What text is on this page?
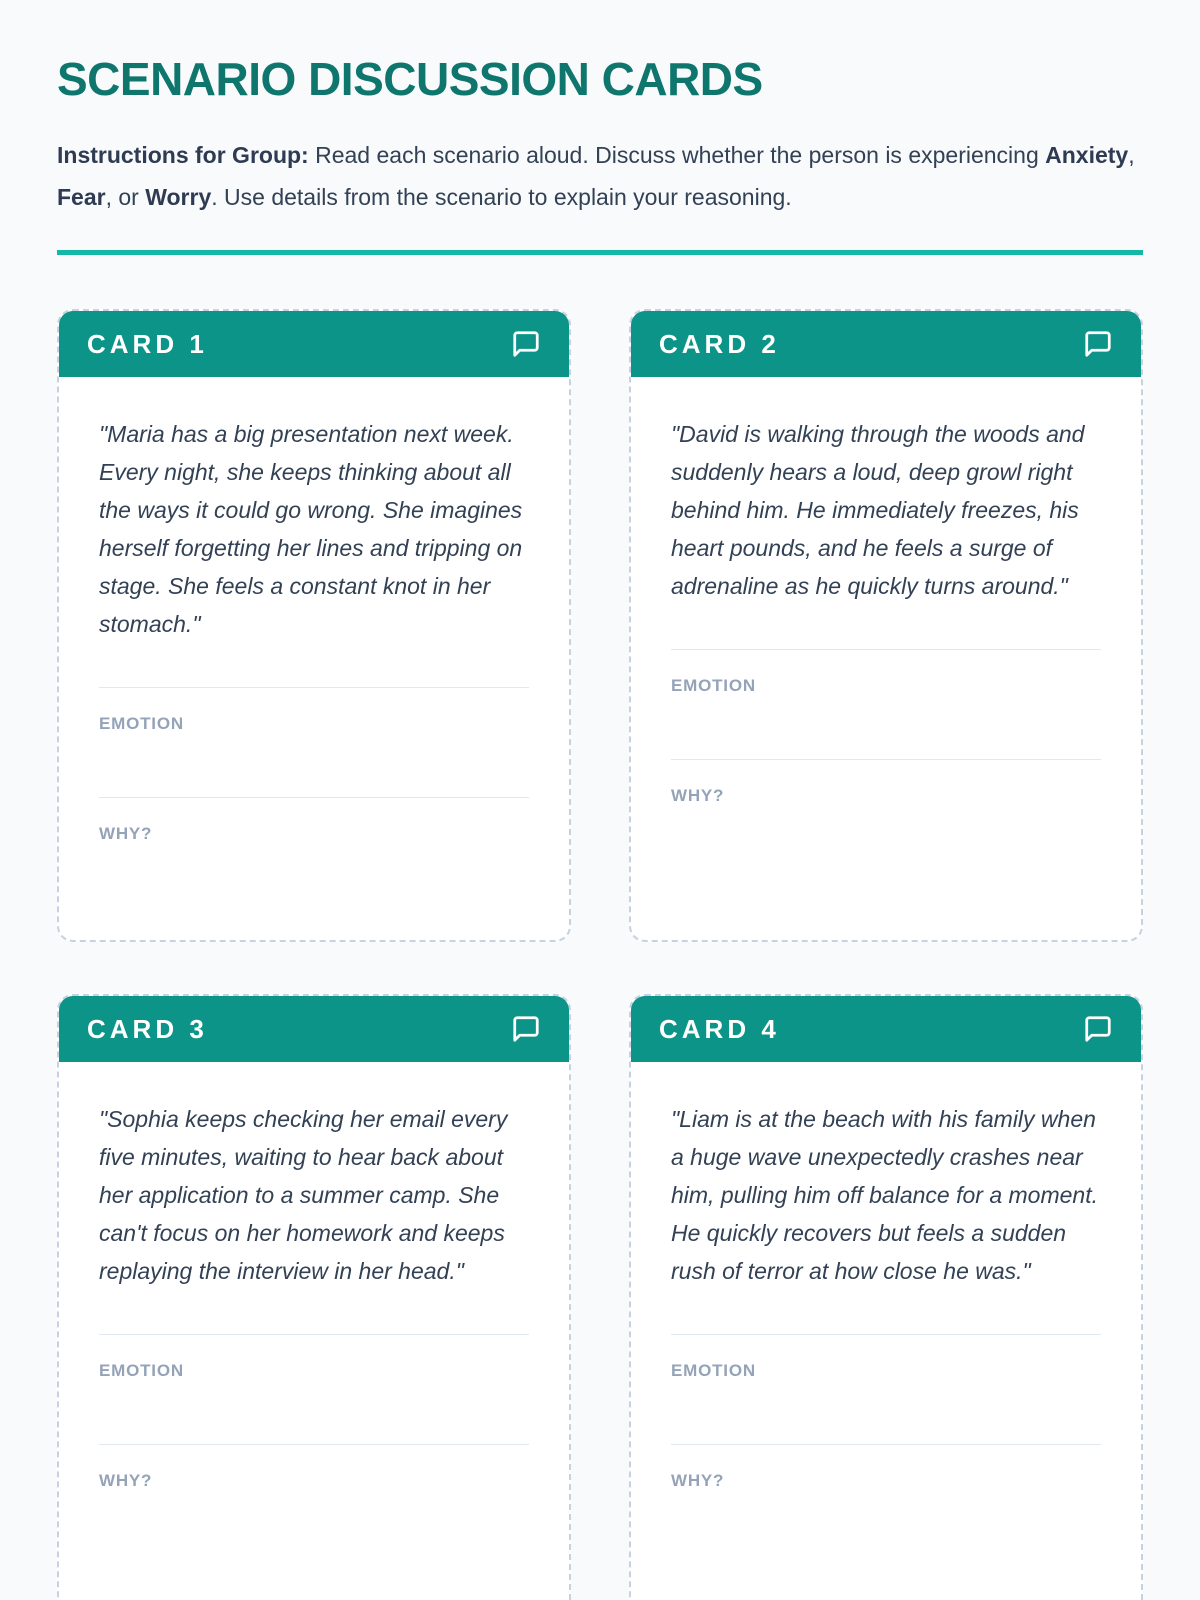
SCENARIO DISCUSSION CARDS

Instructions for Group: Read each scenario aloud. Discuss whether the person is experiencing Anxiety, Fear, or Worry. Use details from the scenario to explain your reasoning.

CARD 1

"Maria has a big presentation next week. Every night, she keeps thinking about all the ways it could go wrong. She imagines herself forgetting her lines and tripping on stage. She feels a constant knot in her stomach."

EMOTION
WHY?
CARD 2

"David is walking through the woods and suddenly hears a loud, deep growl right behind him. He immediately freezes, his heart pounds, and he feels a surge of adrenaline as he quickly turns around."

EMOTION
WHY?
CARD 3

"Sophia keeps checking her email every five minutes, waiting to hear back about her application to a summer camp. She can't focus on her homework and keeps replaying the interview in her head."

EMOTION
WHY?
CARD 4

"Liam is at the beach with his family when a huge wave unexpectedly crashes near him, pulling him off balance for a moment. He quickly recovers but feels a sudden rush of terror at how close he was."

EMOTION
WHY?
